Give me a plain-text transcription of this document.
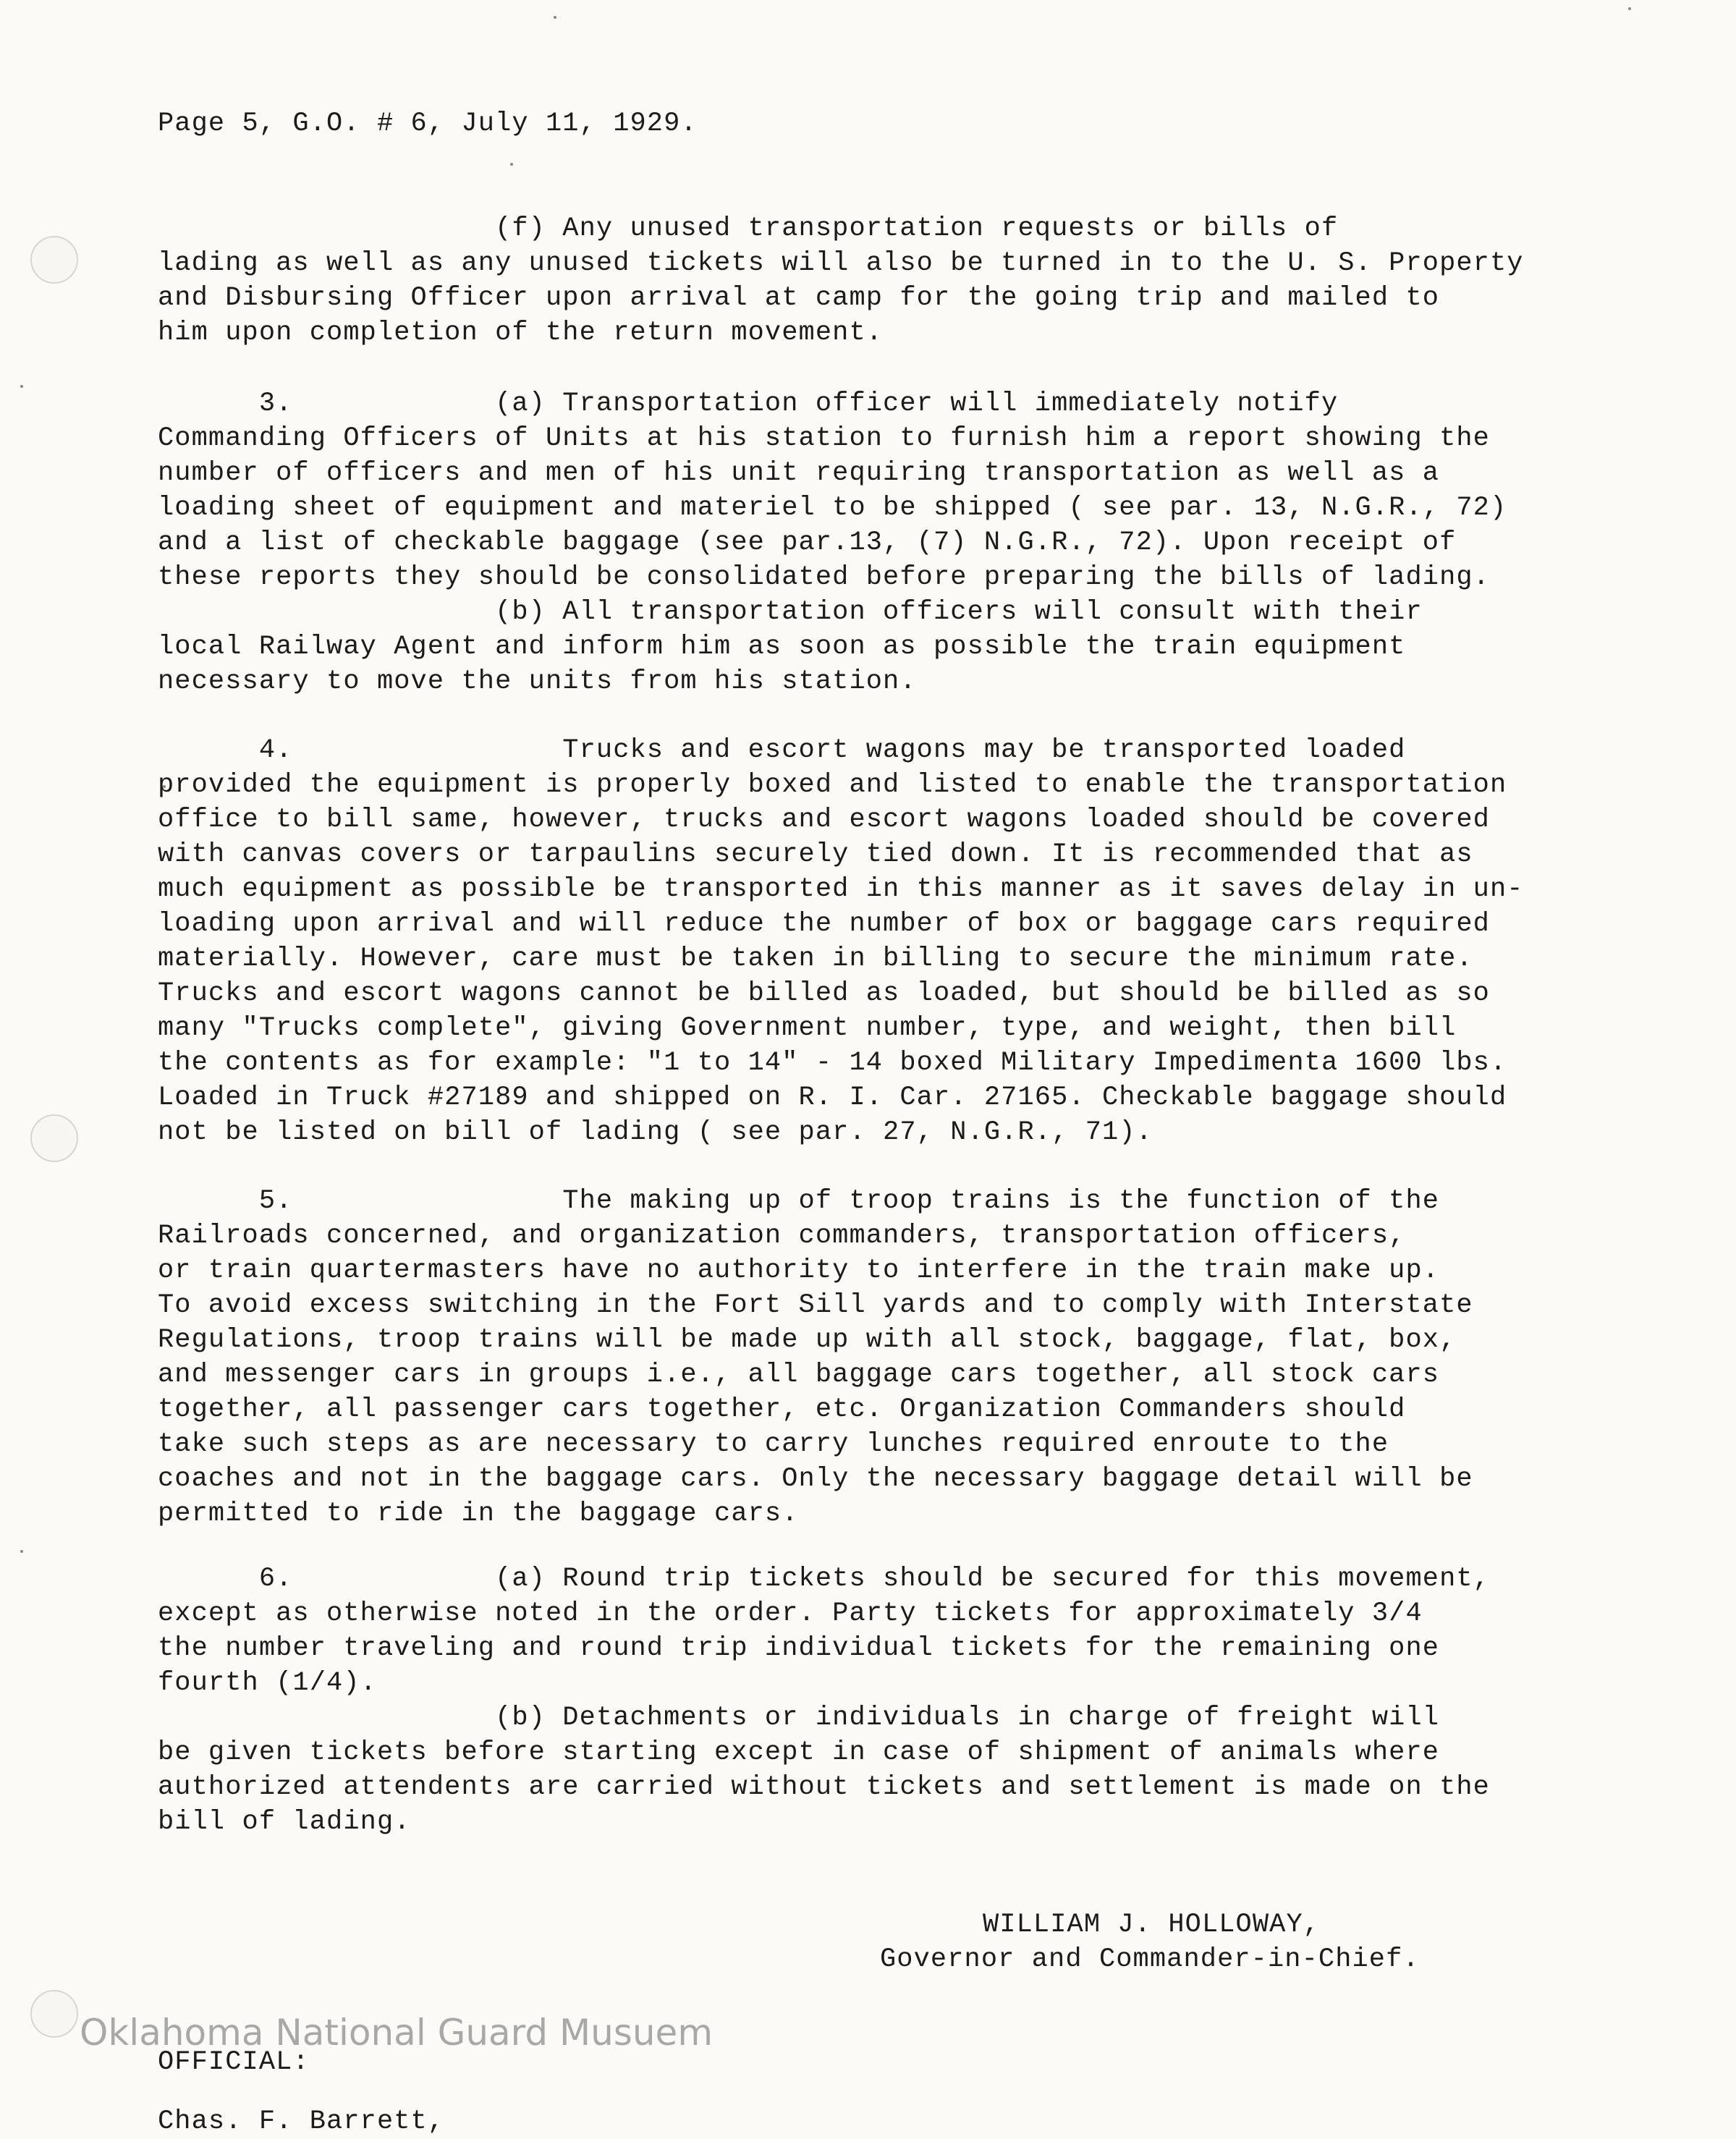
Page 5, G.O. # 6, July 11, 1929.
(f) Any unused transportation requests or bills of
lading as well as any unused tickets will also be turned in to the U. S. Property
and Disbursing Officer upon arrival at camp for the going trip and mailed to
him upon completion of the return movement.
3.            (a) Transportation officer will immediately notify
Commanding Officers of Units at his station to furnish him a report showing the
number of officers and men of his unit requiring transportation as well as a
loading sheet of equipment and materiel to be shipped ( see par. 13, N.G.R., 72)
and a list of checkable baggage (see par.13, (7) N.G.R., 72). Upon receipt of
these reports they should be consolidated before preparing the bills of lading.
(b) All transportation officers will consult with their
local Railway Agent and inform him as soon as possible the train equipment
necessary to move the units from his station.
4.                Trucks and escort wagons may be transported loaded
provided the equipment is properly boxed and listed to enable the transportation
office to bill same, however, trucks and escort wagons loaded should be covered
with canvas covers or tarpaulins securely tied down. It is recommended that as
much equipment as possible be transported in this manner as it saves delay in un-
loading upon arrival and will reduce the number of box or baggage cars required
materially. However, care must be taken in billing to secure the minimum rate.
Trucks and escort wagons cannot be billed as loaded, but should be billed as so
many "Trucks complete", giving Government number, type, and weight, then bill
the contents as for example: "1 to 14" - 14 boxed Military Impedimenta 1600 lbs.
Loaded in Truck #27189 and shipped on R. I. Car. 27165. Checkable baggage should
not be listed on bill of lading ( see par. 27, N.G.R., 71).
5.                The making up of troop trains is the function of the
Railroads concerned, and organization commanders, transportation officers,
or train quartermasters have no authority to interfere in the train make up.
To avoid excess switching in the Fort Sill yards and to comply with Interstate
Regulations, troop trains will be made up with all stock, baggage, flat, box,
and messenger cars in groups i.e., all baggage cars together, all stock cars
together, all passenger cars together, etc. Organization Commanders should
take such steps as are necessary to carry lunches required enroute to the
coaches and not in the baggage cars. Only the necessary baggage detail will be
permitted to ride in the baggage cars.
6.            (a) Round trip tickets should be secured for this movement,
except as otherwise noted in the order. Party tickets for approximately 3/4
the number traveling and round trip individual tickets for the remaining one
fourth (1/4).
(b) Detachments or individuals in charge of freight will
be given tickets before starting except in case of shipment of animals where
authorized attendents are carried without tickets and settlement is made on the
bill of lading.
WILLIAM J. HOLLOWAY,
Governor and Commander-in-Chief.
OFFICIAL:
Chas. F. Barrett,
Oklahoma National Guard Musuem
